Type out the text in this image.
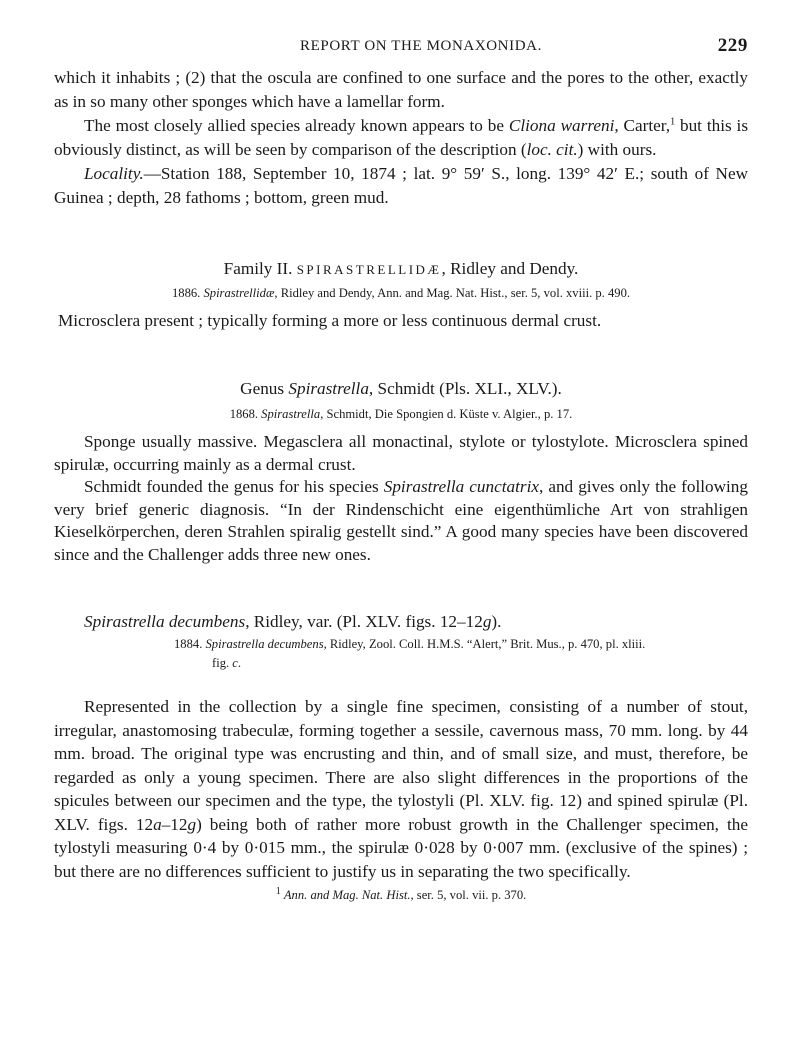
REPORT ON THE MONAXONIDA.	229

which it inhabits ; (2) that the oscula are confined to one surface and the pores to the other, exactly as in so many other sponges which have a lamellar form.

The most closely allied species already known appears to be Cliona warreni, Carter,$^1$ but this is obviously distinct, as will be seen by comparison of the description (loc. cit.) with ours.

Locality.—Station 188, September 10, 1874 ; lat. 9° 59′ S., long. 139° 42′ E.; south of New Guinea ; depth, 28 fathoms ; bottom, green mud.

Family II. SPIRASTRELLIDÆ, Ridley and Dendy.
1886. Spirastrellidæ, Ridley and Dendy, Ann. and Mag. Nat. Hist., ser. 5, vol. xviii. p. 490.

Microsclera present ; typically forming a more or less continuous dermal crust.

Genus Spirastrella, Schmidt (Pls. XLI., XLV.).
1868. Spirastrella, Schmidt, Die Spongien d. Küste v. Algier., p. 17.

Sponge usually massive. Megasclera all monactinal, stylote or tylostylote. Microsclera spined spirulæ, occurring mainly as a dermal crust.

Schmidt founded the genus for his species Spirastrella cunctatrix, and gives only the following very brief generic diagnosis. “In der Rindenschicht eine eigenthümliche Art von strahligen Kieselkörperchen, deren Strahlen spiralig gestellt sind.” A good many species have been discovered since and the Challenger adds three new ones.

Spirastrella decumbens, Ridley, var. (Pl. XLV. figs. 12–12g).
1884. Spirastrella decumbens, Ridley, Zool. Coll. H.M.S. “Alert,” Brit. Mus., p. 470, pl. xliii.
fig. c.

Represented in the collection by a single fine specimen, consisting of a number of stout, irregular, anastomosing trabeculæ, forming together a sessile, cavernous mass, 70 mm. long. by 44 mm. broad. The original type was encrusting and thin, and of small size, and must, therefore, be regarded as only a young specimen. There are also slight differences in the proportions of the spicules between our specimen and the type, the tylostyli (Pl. XLV. fig. 12) and spined spirulæ (Pl. XLV. figs. 12a–12g) being both of rather more robust growth in the Challenger specimen, the tylostyli measuring 0·4 by 0·015 mm., the spirulæ 0·028 by 0·007 mm. (exclusive of the spines) ; but there are no differences sufficient to justify us in separating the two specifically.

$^1$ Ann. and Mag. Nat. Hist., ser. 5, vol. vii. p. 370.
